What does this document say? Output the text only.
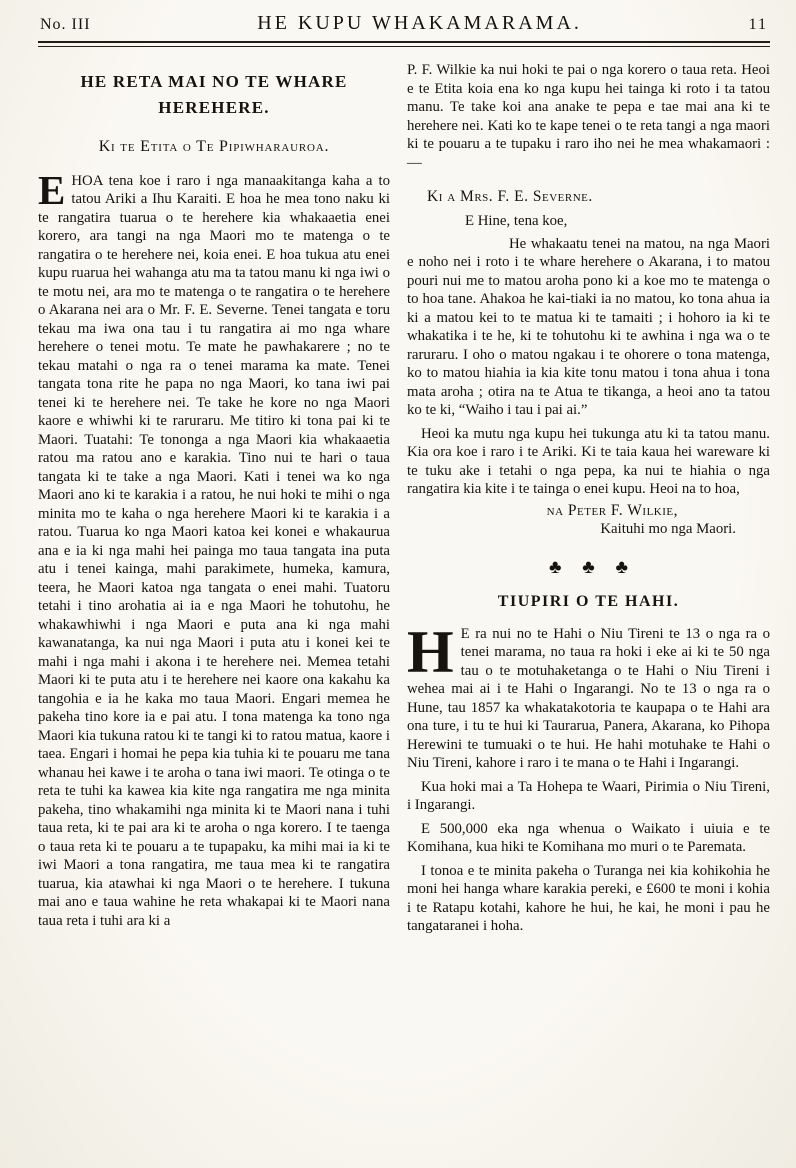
No. III	HE KUPU WHAKAMARAMA.	11
HE RETA MAI NO TE WHARE HEREHERE.
Ki te Etita o Te Pipiwharauroa.

EHOA tena koe i raro i nga manaakitanga kaha a to tatou Ariki a Ihu Karaiti. E hoa he mea tono naku ki te rangatira tuarua o te herehere kia whakaaetia enei korero, ara tangi na nga Maori mo te matenga o te rangatira o te herehere nei, koia enei. E hoa tukua atu enei kupu ruarua hei wahanga atu ma ta tatou manu ki nga iwi o te motu nei, ara mo te matenga o te rangatira o te herehere o Akarana nei ara o Mr. F. E. Severne. Tenei tangata e toru tekau ma iwa ona tau i tu rangatira ai mo nga whare herehere o tenei motu. Te mate he pawhakarere ; no te tekau matahi o nga ra o tenei marama ka mate. Tenei tangata tona rite he papa no nga Maori, ko tana iwi pai tenei ki te herehere nei. Te take he kore no nga Maori kaore e whiwhi ki te raruraru. Me titiro ki tona pai ki te Maori. Tuatahi: Te tononga a nga Maori kia whakaaetia ratou ma ratou ano e karakia. Tino nui te hari o taua tangata ki te take a nga Maori. Kati i tenei wa ko nga Maori ano ki te karakia i a ratou, he nui hoki te mihi o nga minita mo te kaha o nga herehere Maori ki te karakia i a ratou. Tuarua ko nga Maori katoa kei konei e whakaurua ana e ia ki nga mahi hei painga mo taua tangata ina puta atu i tenei kainga, mahi parakimete, humeka, kamura, teera, he Maori katoa nga tangata o enei mahi. Tuatoru tetahi i tino arohatia ai ia e nga Maori he tohutohu, he whakawhiwhi i nga Maori e puta ana ki nga mahi kawanatanga, ka nui nga Maori i puta atu i konei kei te mahi i nga mahi i akona i te herehere nei. Memea tetahi Maori ki te puta atu i te herehere nei kaore ona kakahu ka tangohia e ia he kaka mo taua Maori. Engari memea he pakeha tino kore ia e pai atu. I tona matenga ka tono nga Maori kia tukuna ratou ki te tangi ki to ratou matua, kaore i taea. Engari i homai he pepa kia tuhia ki te pouaru me tana whanau hei kawe i te aroha o tana iwi maori. Te otinga o te reta te tuhi ka kawea kia kite nga rangatira me nga minita pakeha, tino whakamihi nga minita ki te Maori nana i tuhi taua reta, ki te pai ara ki te aroha o nga korero. I te taenga o taua reta ki te pouaru a te tupapaku, ka mihi mai ia ki te iwi Maori a tona rangatira, me taua mea ki te rangatira tuarua, kia atawhai ki nga Maori o te herehere. I tukuna mai ano e taua wahine he reta whakapai ki te Maori nana taua reta i tuhi ara ki a

P. F. Wilkie ka nui hoki te pai o nga korero o taua reta. Heoi e te Etita koia ena ko nga kupu hei tainga ki roto i ta tatou manu. Te take koi ana anake te pepa e tae mai ana ki te herehere nei. Kati ko te kape tenei o te reta tangi a nga maori ki te pouaru a te tupaku i raro iho nei he mea whakamaori :—

Ki a Mrs. F. E. Severne.

E Hine, tena koe,

He whakaatu tenei na matou, na nga Maori e noho nei i roto i te whare herehere o Akarana, i to matou pouri nui me to matou aroha pono ki a koe mo te matenga o to hoa tane. Ahakoa he kai-tiaki ia no matou, ko tona ahua ia ki a matou kei to te matua ki te tamaiti ; i hohoro ia ki te whakatika i te he, ki te tohutohu ki te awhina i nga wa o te raruraru. I oho o matou ngakau i te ohorere o tona matenga, ko to matou hiahia ia kia kite tonu matou i tona ahua i tona mata aroha ; otira na te Atua te tikanga, a heoi ano ta tatou ko te ki, “Waiho i tau i pai ai.”

Heoi ka mutu nga kupu hei tukunga atu ki ta tatou manu. Kia ora koe i raro i te Ariki. Ki te taia kaua hei wareware ki te tuku ake i tetahi o nga pepa, ka nui te hiahia o nga rangatira kia kite i te tainga o enei kupu. Heoi na to hoa,

na Peter F. Wilkie,
Kaituhi mo nga Maori.
♣ ♣ ♣
TIUPIRI O TE HAHI.

H E ra nui no te Hahi o Niu Tireni te 13 o nga ra o tenei marama, no taua ra hoki i eke ai ki te 50 nga tau o te motuhaketanga o te Hahi o Niu Tireni i wehea mai ai i te Hahi o Ingarangi. No te 13 o nga ra o Hune, tau 1857 ka whakatakotoria te kaupapa o te Hahi ara ona ture, i tu te hui ki Taurarua, Panera, Akarana, ko Pihopa Herewini te tumuaki o te hui. He hahi motuhake te Hahi o Niu Tireni, kahore i raro i te mana o te Hahi i Ingarangi.

Kua hoki mai a Ta Hohepa te Waari, Pirimia o Niu Tireni, i Ingarangi.

E 500,000 eka nga whenua o Waikato i uiuia e te Komihana, kua hiki te Komihana mo muri o te Paremata.

I tonoa e te minita pakeha o Turanga nei kia kohikohia he moni hei hanga whare karakia pereki, e £600 te moni i kohia i te Ratapu kotahi, kahore he hui, he kai, he moni i pau he tangataranei i hoha.
